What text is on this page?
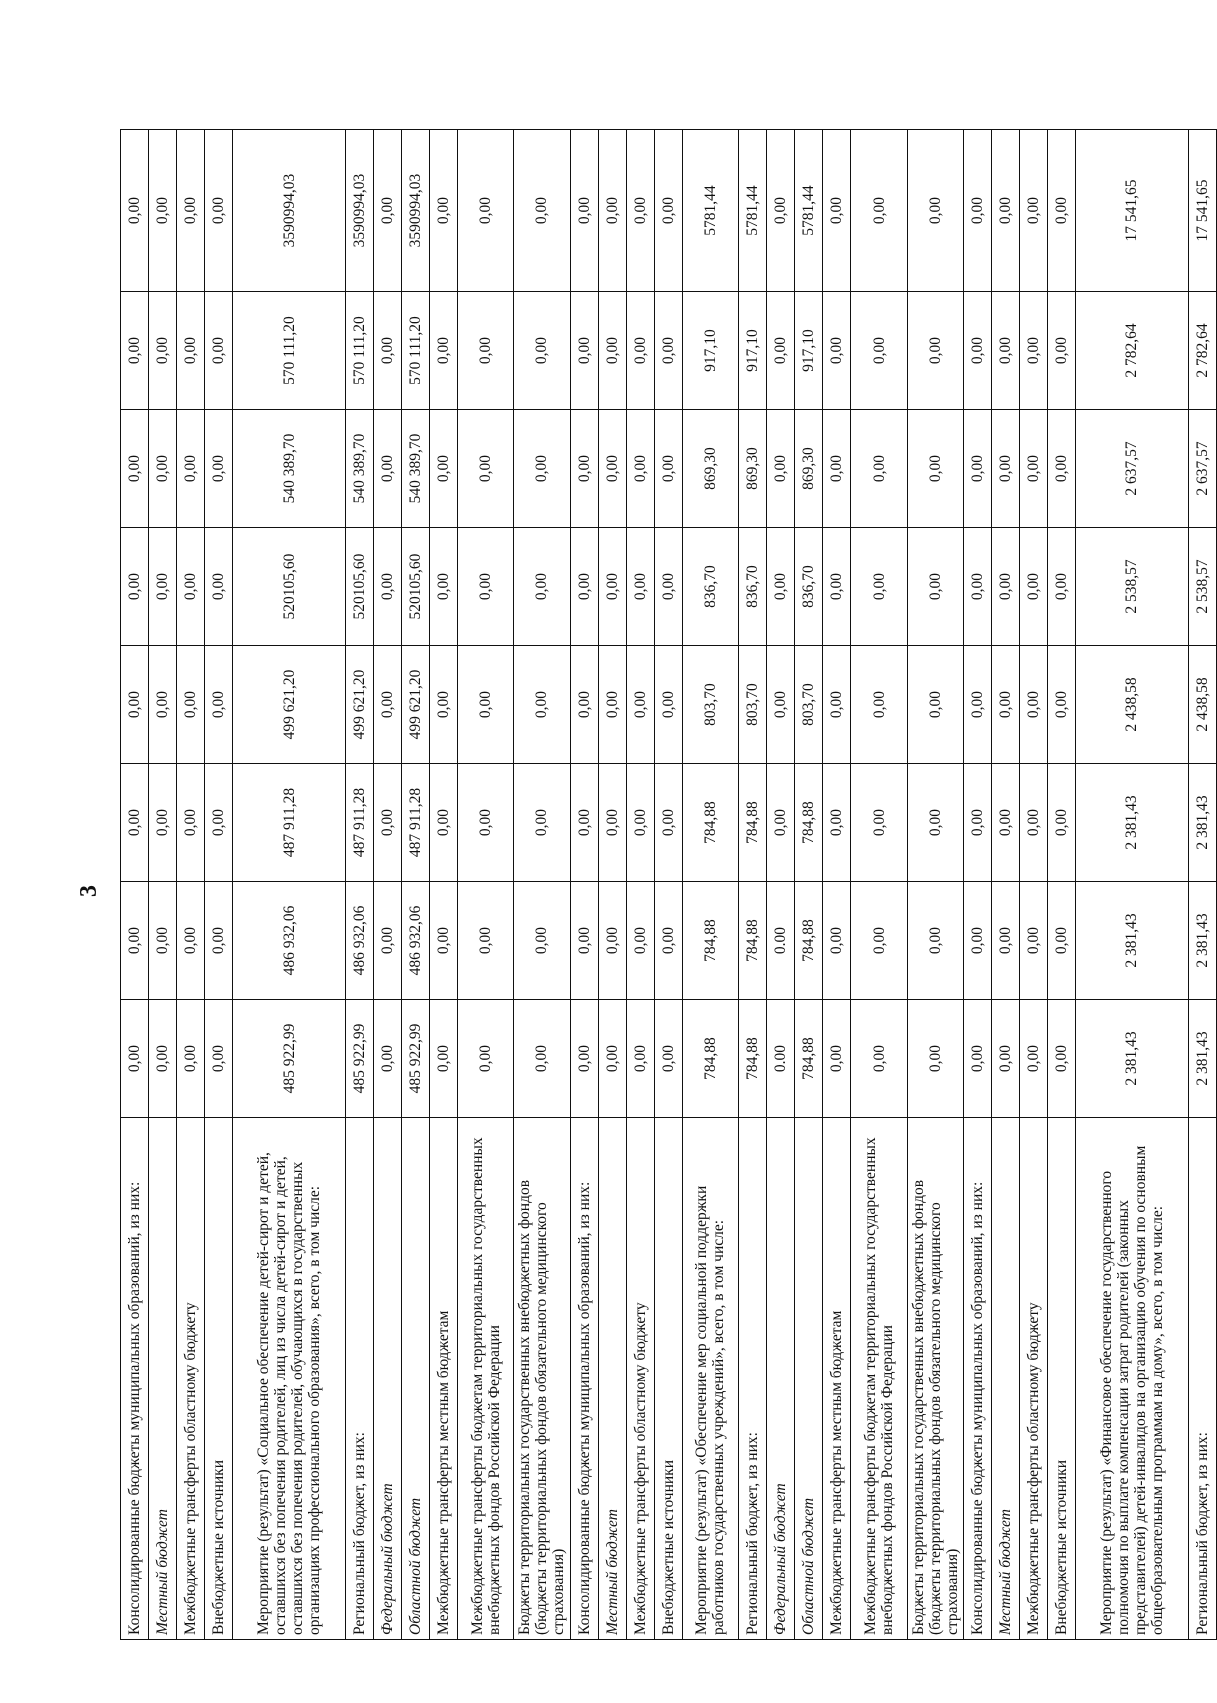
3
Консолидированные бюджеты муниципальных образований, из них:	0,00	0,00	0,00	0,00	0,00	0,00	0,00	0,00
Местный бюджет	0,00	0,00	0,00	0,00	0,00	0,00	0,00	0,00
Межбюджетные трансферты областному бюджету	0,00	0,00	0,00	0,00	0,00	0,00	0,00	0,00
Внебюджетные источники	0,00	0,00	0,00	0,00	0,00	0,00	0,00	0,00
Мероприятие (результат) «Социальное обеспечение детей-сирот и детей, оставшихся без попечения родителей, лиц из числа детей-сирот и детей, оставшихся без попечения родителей, обучающихся в государственных организациях профессионального образования», всего, в том числе:	485 922,99	486 932,06	487 911,28	499 621,20	520105,60	540 389,70	570 111,20	3590994,03
Региональный бюджет, из них:	485 922,99	486 932,06	487 911,28	499 621,20	520105,60	540 389,70	570 111,20	3590994,03
Федеральный бюджет	0,00	0,00	0,00	0,00	0,00	0,00	0,00	0,00
Областной бюджет	485 922,99	486 932,06	487 911,28	499 621,20	520105,60	540 389,70	570 111,20	3590994,03
Межбюджетные трансферты местным бюджетам	0,00	0,00	0,00	0,00	0,00	0,00	0,00	0,00
Межбюджетные трансферты бюджетам территориальных государственных внебюджетных фондов Российской Федерации	0,00	0,00	0,00	0,00	0,00	0,00	0,00	0,00
Бюджеты территориальных государственных внебюджетных фондов (бюджеты территориальных фондов обязательного медицинского страхования)	0,00	0,00	0,00	0,00	0,00	0,00	0,00	0,00
Консолидированные бюджеты муниципальных образований, из них:	0,00	0,00	0,00	0,00	0,00	0,00	0,00	0,00
Местный бюджет	0,00	0,00	0,00	0,00	0,00	0,00	0,00	0,00
Межбюджетные трансферты областному бюджету	0,00	0,00	0,00	0,00	0,00	0,00	0,00	0,00
Внебюджетные источники	0,00	0,00	0,00	0,00	0,00	0,00	0,00	0,00
Мероприятие (результат) «Обеспечение мер социальной поддержки работников государственных учреждений», всего, в том числе:	784,88	784,88	784,88	803,70	836,70	869,30	917,10	5781,44
Региональный бюджет, из них:	784,88	784,88	784,88	803,70	836,70	869,30	917,10	5781,44
Федеральный бюджет	0.00	0.00	0,00	0,00	0,00	0,00	0,00	0,00
Областной бюджет	784,88	784,88	784,88	803,70	836,70	869,30	917,10	5781,44
Межбюджетные трансферты местным бюджетам	0,00	0,00	0,00	0,00	0,00	0,00	0,00	0,00
Межбюджетные трансферты бюджетам территориальных государственных внебюджетных фондов Российской Федерации	0,00	0,00	0,00	0,00	0,00	0,00	0,00	0,00
Бюджеты территориальных государственных внебюджетных фондов (бюджеты территориальных фондов обязательного медицинского страхования)	0,00	0,00	0,00	0,00	0,00	0,00	0,00	0,00
Консолидированные бюджеты муниципальных образований, из них:	0,00	0,00	0,00	0,00	0,00	0,00	0,00	0,00
Местный бюджет	0,00	0,00	0,00	0,00	0,00	0,00	0,00	0,00
Межбюджетные трансферты областному бюджету	0,00	0,00	0,00	0,00	0,00	0,00	0,00	0,00
Внебюджетные источники	0,00	0,00	0,00	0,00	0,00	0,00	0,00	0,00
Мероприятие (результат) «Финансовое обеспечение государственного полномочия по выплате компенсации затрат родителей (законных представителей) детей-инвалидов на организацию обучения по основным общеобразовательным программам на дому», всего, в том числе:	2 381,43	2 381,43	2 381,43	2 438,58	2 538,57	2 637,57	2 782,64	17 541,65
Региональный бюджет, из них:	2 381,43	2 381,43	2 381,43	2 438,58	2 538,57	2 637,57	2 782,64	17 541,65
